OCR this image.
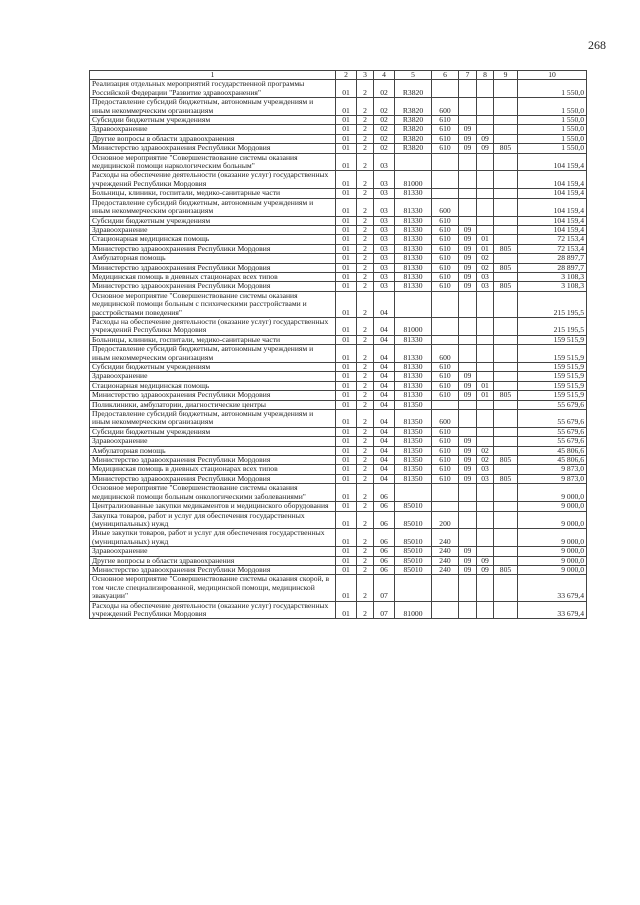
268
1	2	3	4	5	6	7	8	9	10
Реализация отдельных мероприятий государственной программы Российской Федерации "Развитие здравоохранения"	01	2	02	R3820					1 550,0
Предоставление субсидий бюджетным, автономным учреждениям и иным некоммерческим организациям	01	2	02	R3820	600				1 550,0
Субсидии бюджетным учреждениям	01	2	02	R3820	610				1 550,0
Здравоохранение	01	2	02	R3820	610	09			1 550,0
Другие вопросы в области здравоохранения	01	2	02	R3820	610	09	09		1 550,0
Министерство здравоохранения Республики Мордовия	01	2	02	R3820	610	09	09	805	1 550,0
Основное мероприятие "Совершенствование системы оказания медицинской помощи наркологическим больным"	01	2	03						104 159,4
Расходы на обеспечение деятельности (оказание услуг) государственных учреждений Республики Мордовия	01	2	03	81000					104 159,4
Больницы, клиники, госпитали, медико-санитарные части	01	2	03	81330					104 159,4
Предоставление субсидий бюджетным, автономным учреждениям и иным некоммерческим организациям	01	2	03	81330	600				104 159,4
Субсидии бюджетным учреждениям	01	2	03	81330	610				104 159,4
Здравоохранение	01	2	03	81330	610	09			104 159,4
Стационарная медицинская помощь	01	2	03	81330	610	09	01		72 153,4
Министерство здравоохранения Республики Мордовия	01	2	03	81330	610	09	01	805	72 153,4
Амбулаторная помощь	01	2	03	81330	610	09	02		28 897,7
Министерство здравоохранения Республики Мордовия	01	2	03	81330	610	09	02	805	28 897,7
Медицинская помощь в дневных стационарах всех типов	01	2	03	81330	610	09	03		3 108,3
Министерство здравоохранения Республики Мордовия	01	2	03	81330	610	09	03	805	3 108,3
Основное мероприятие "Совершенствование системы оказания медицинской помощи больным с психическими расстройствами и расстройствами поведения"	01	2	04						215 195,5
Расходы на обеспечение деятельности (оказание услуг) государственных учреждений Республики Мордовия	01	2	04	81000					215 195,5
Больницы, клиники, госпитали, медико-санитарные части	01	2	04	81330					159 515,9
Предоставление субсидий бюджетным, автономным учреждениям и иным некоммерческим организациям	01	2	04	81330	600				159 515,9
Субсидии бюджетным учреждениям	01	2	04	81330	610				159 515,9
Здравоохранение	01	2	04	81330	610	09			159 515,9
Стационарная медицинская помощь	01	2	04	81330	610	09	01		159 515,9
Министерство здравоохранения Республики Мордовия	01	2	04	81330	610	09	01	805	159 515,9
Поликлиники, амбулатории, диагностические центры	01	2	04	81350					55 679,6
Предоставление субсидий бюджетным, автономным учреждениям и иным некоммерческим организациям	01	2	04	81350	600				55 679,6
Субсидии бюджетным учреждениям	01	2	04	81350	610				55 679,6
Здравоохранение	01	2	04	81350	610	09			55 679,6
Амбулаторная помощь	01	2	04	81350	610	09	02		45 806,6
Министерство здравоохранения Республики Мордовия	01	2	04	81350	610	09	02	805	45 806,6
Медицинская помощь в дневных стационарах всех типов	01	2	04	81350	610	09	03		9 873,0
Министерство здравоохранения Республики Мордовия	01	2	04	81350	610	09	03	805	9 873,0
Основное мероприятие "Совершенствование системы оказания медицинской помощи больным онкологическими заболеваниями"	01	2	06						9 000,0
Централизованные закупки медикаментов и медицинского оборудования	01	2	06	85010					9 000,0
Закупка товаров, работ и услуг для обеспечения государственных (муниципальных) нужд	01	2	06	85010	200				9 000,0
Иные закупки товаров, работ и услуг для обеспечения государственных (муниципальных) нужд	01	2	06	85010	240				9 000,0
Здравоохранение	01	2	06	85010	240	09			9 000,0
Другие вопросы в области здравоохранения	01	2	06	85010	240	09	09		9 000,0
Министерство здравоохранения Республики Мордовия	01	2	06	85010	240	09	09	805	9 000,0
Основное мероприятие "Совершенствование системы оказания скорой, в том числе специализированной, медицинской помощи, медицинской эвакуации"	01	2	07						33 679,4
Расходы на обеспечение деятельности (оказание услуг) государственных учреждений Республики Мордовия	01	2	07	81000					33 679,4
